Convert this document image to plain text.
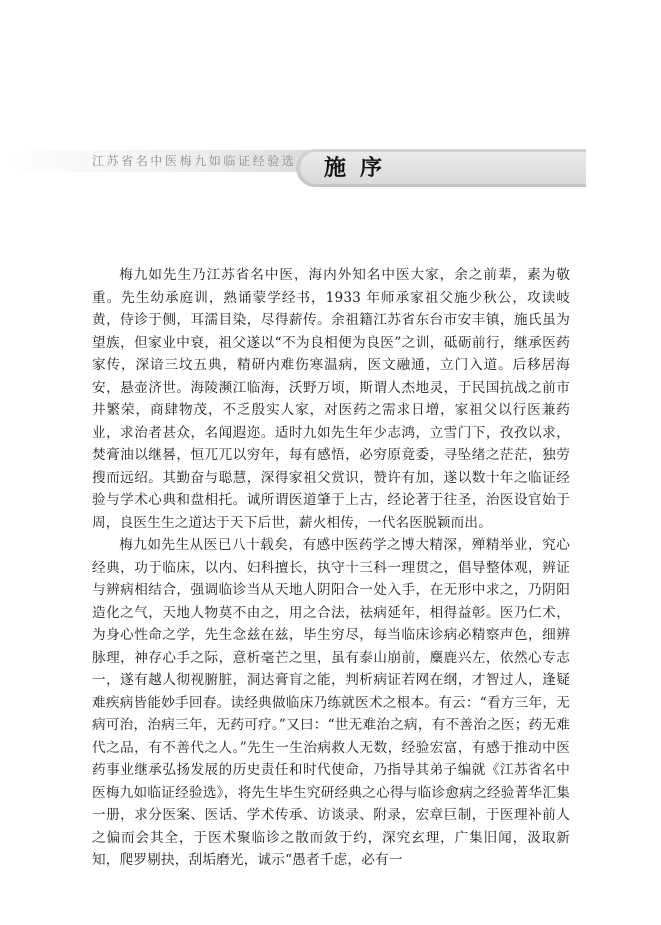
江苏省名中医梅九如临证经验选	施序

梅九如先生乃江苏省名中医，海内外知名中医大家，余之前辈，素为敬重。先生幼承庭训，熟诵蒙学经书，1933 年师承家祖父施少秋公，攻读岐黄，侍诊于侧，耳濡目染，尽得薪传。余祖籍江苏省东台市安丰镇，施氏虽为望族，但家业中衰，祖父遂以“不为良相便为良医”之训，砥砺前行，继承医药家传，深谙三坟五典，精研内难伤寒温病，医文融通，立门入道。后移居海安，悬壶济世。海陵濒江临海，沃野万顷，斯谓人杰地灵，于民国抗战之前市井繁荣，商肆物茂，不乏殷实人家，对医药之需求日增，家祖父以行医兼药业，求治者甚众，名闻遐迩。适时九如先生年少志鸿，立雪门下，孜孜以求，焚膏油以继晷，恒兀兀以穷年，每有感悟，必穷原竟委，寻坠绪之茫茫，独劳搜而远绍。其勤奋与聪慧，深得家祖父赏识，赞许有加，遂以数十年之临证经验与学术心典和盘相托。诚所谓医道肇于上古，经论著于往圣，治医设官始于周，良医生生之道达于天下后世，薪火相传，一代名医脱颖而出。

梅九如先生从医已八十载矣，有感中医药学之博大精深，殚精举业，究心经典，功于临床，以内、妇科擅长，执守十三科一理贯之，倡导整体观，辨证与辨病相结合，强调临诊当从天地人阴阳合一处入手，在无形中求之，乃阴阳造化之气，天地人物莫不由之，用之合法，祛病延年，相得益彰。医乃仁术，为身心性命之学，先生念兹在兹，毕生穷尽，每当临床诊病必精察声色，细辨脉理，神存心手之际，意析毫芒之里，虽有泰山崩前，麋鹿兴左，依然心专志一，遂有越人彻视腑脏，洞达膏肓之能，判析病证若网在纲，才智过人，逢疑难疾病皆能妙手回春。读经典做临床乃练就医术之根本。有云：“看方三年，无病可治，治病三年，无药可疗。”又曰：“世无难治之病，有不善治之医；药无难代之品，有不善代之人。”先生一生治病救人无数，经验宏富，有感于推动中医药事业继承弘扬发展的历史责任和时代使命，乃指导其弟子编就《江苏省名中医梅九如临证经验选》，将先生毕生究研经典之心得与临诊愈病之经验菁华汇集一册，求分医案、医话、学术传承、访谈录、附录，宏章巨制，于医理补前人之偏而会其全，于医术聚临诊之散而敛于约，深究玄理，广集旧闻，汲取新知，爬罗剔抉，刮垢磨光，诚示“愚者千虑，必有一
